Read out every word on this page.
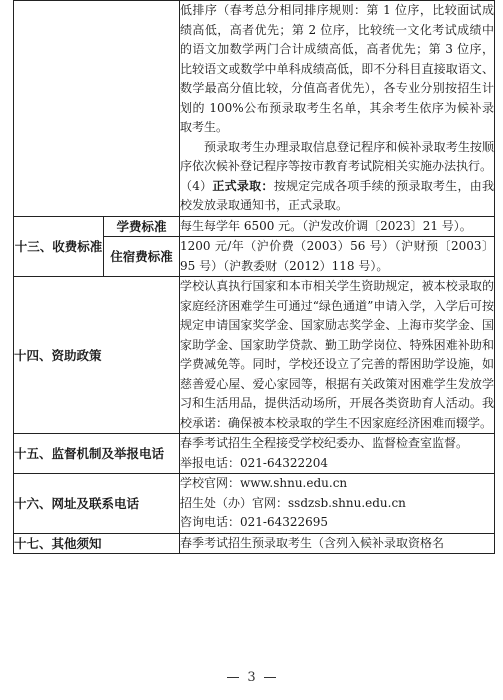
		低排序（春考总分相同排序规则：第 1 位序，比较面试成绩高低，高者优先；第 2 位序，比较统一文化考试成绩中的语文加数学两门合计成绩高低，高者优先；第 3 位序，比较语文或数学中单科成绩高低，即不分科目直接取语文、数学最高分值比较，分值高者优先），各专业分别按招生计划的 100%公布预录取考生名单，其余考生依序为候补录取考生。
预录取考生办理录取信息登记程序和候补录取考生按顺序依次候补登记程序等按市教育考试院相关实施办法执行。
（4）正式录取：按规定完成各项手续的预录取考生，由我校发放录取通知书，正式录取。

十三、收费标准	学费标准	每生每学年 6500 元。（沪发改价调〔2023〕21 号）。
	住宿费标准	1200 元/年（沪价费（2003）56 号）（沪财预〔2003〕95 号）（沪教委财（2012）118 号）。
十四、资助政策		学校认真执行国家和本市相关学生资助规定，被本校录取的家庭经济困难学生可通过“绿色通道”申请入学，入学后可按规定申请国家奖学金、国家励志奖学金、上海市奖学金、国家助学金、国家助学贷款、勤工助学岗位、特殊困难补助和学费减免等。同时，学校还设立了完善的帮困助学设施，如慈善爱心屋、爱心家园等，根据有关政策对困难学生发放学习和生活用品，提供活动场所，开展各类资助育人活动。我校承诺：确保被本校录取的学生不因家庭经济困难而辍学。
十五、监督机制及举报电话		春季考试招生全程接受学校纪委办、监督检查室监督。
举报电话：021-64322204

十六、网址及联系电话		学校官网：www.shnu.edu.cn
招生处（办）官网：ssdzsb.shnu.edu.cn
咨询电话：021-64322695

十七、其他须知		春季考试招生预录取考生（含列入候补录取资格名
3
